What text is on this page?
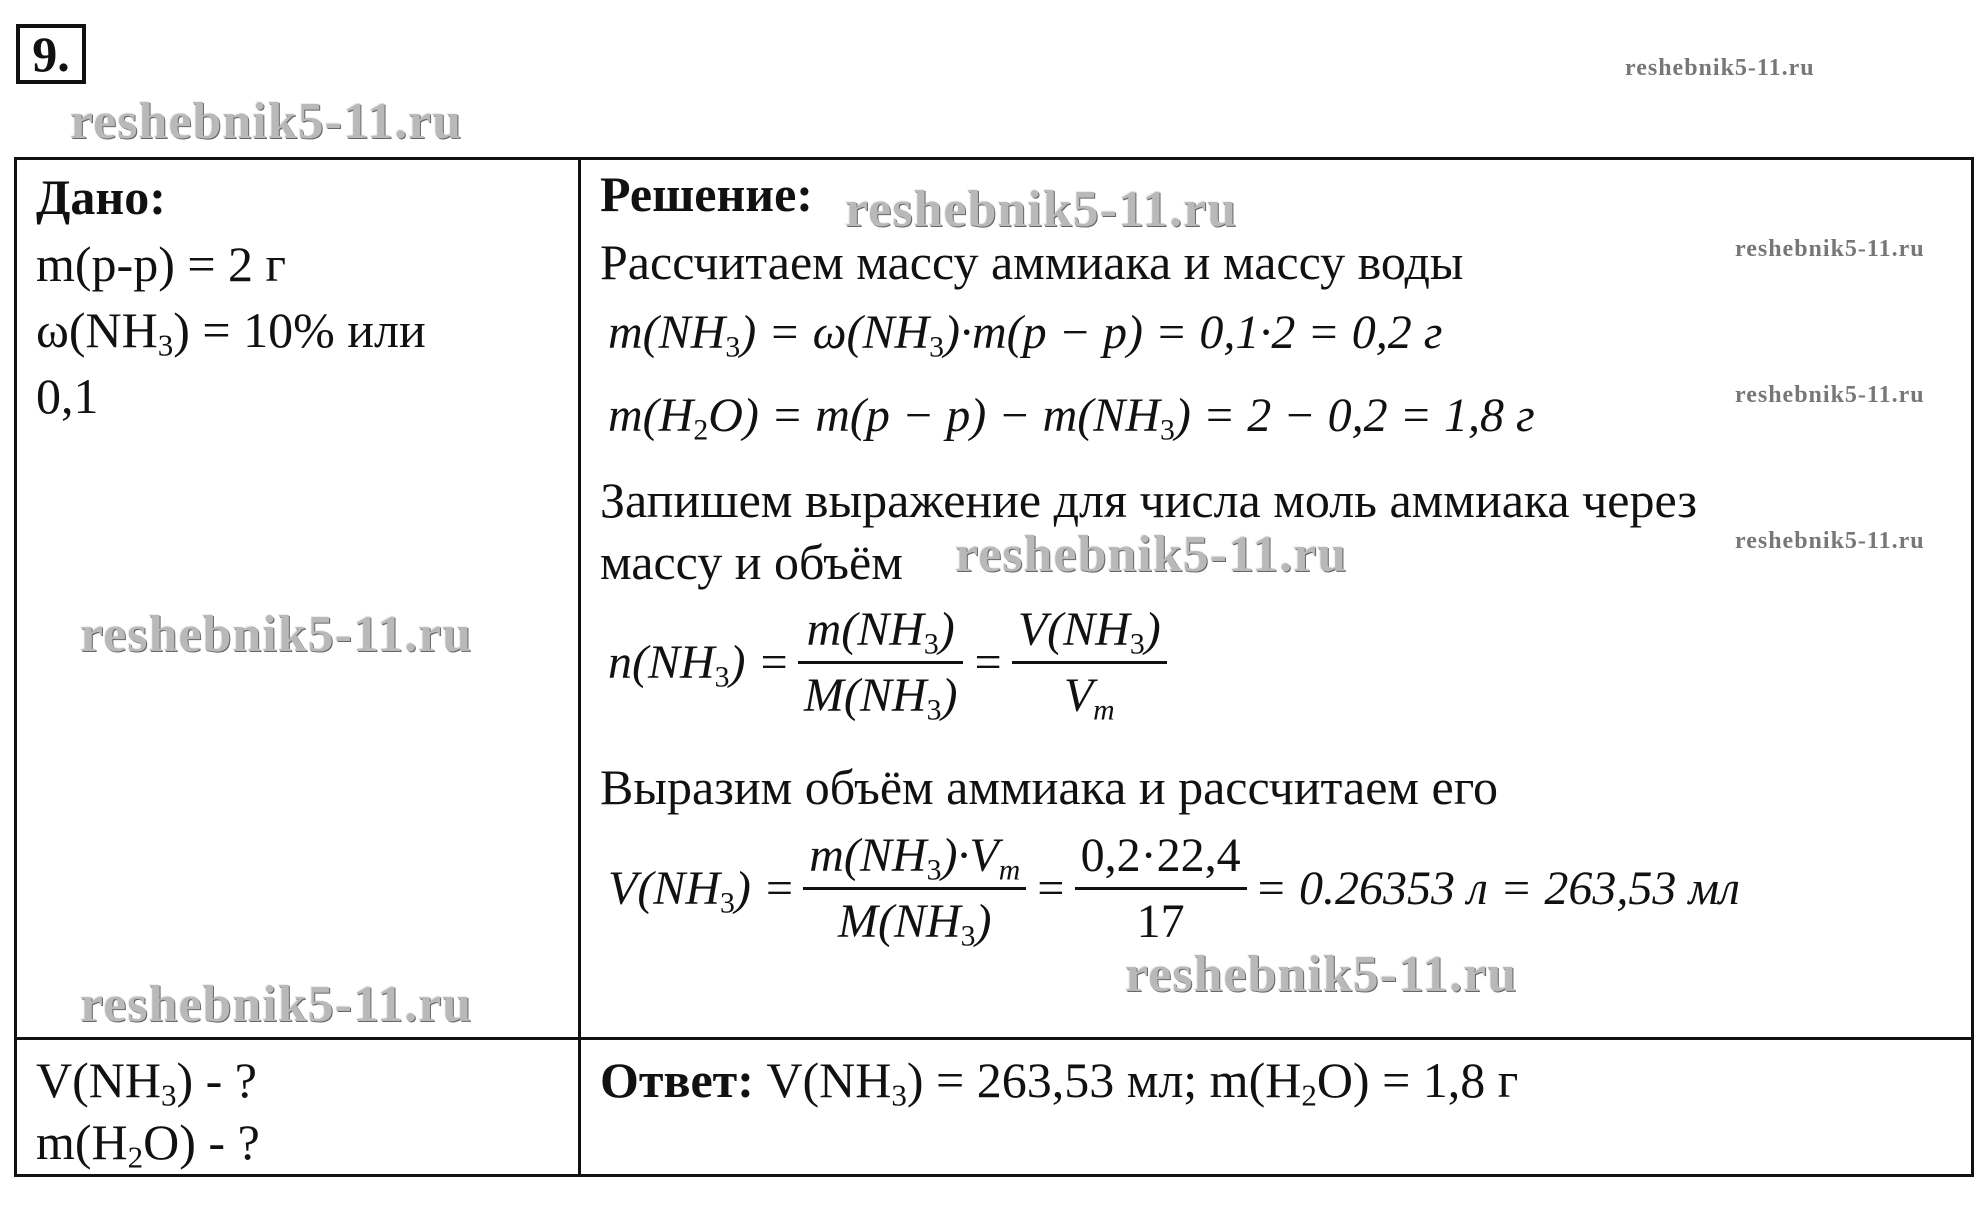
9.	reshebnik5-11.ru
reshebnik5-11.ru
reshebnik5-11.ru
reshebnik5-11.ru
reshebnik5-11.ru
reshebnik5-11.ru
reshebnik5-11.ru
reshebnik5-11.ru
reshebnik5-11.ru
reshebnik5-11.ru
Дано:
m(р-р) = 2 г
$\omega(NH_3) = 10\%$ или
0,1
$V(NH_3)$ - ?
$m(H_2O)$ - ?
Решение:
Рассчитаем массу аммиака и массу воды
$m(NH_3) = \omega(NH_3)\cdot m(p - p) = 0,1\cdot 2 = 0,2$ г
$m(H_2O) = m(p - p) - m(NH_3) = 2 - 0,2 = 1,8$ г
Запишем выражение для числа моль аммиака через
массу и объём
$n(NH_3) = \frac{m(NH_3)}{M(NH_3)} = \frac{V(NH_3)}{V_m}$
Выразим объём аммиака и рассчитаем его
$V(NH_3) = \frac{m(NH_3)\cdot V_m}{M(NH_3)} = \frac{0,2\cdot 22,4}{17} = 0.26353$ л = 263,53 мл
Ответ: $V(NH_3) = 263,53$ мл; $m(H_2O) = 1,8$ г
